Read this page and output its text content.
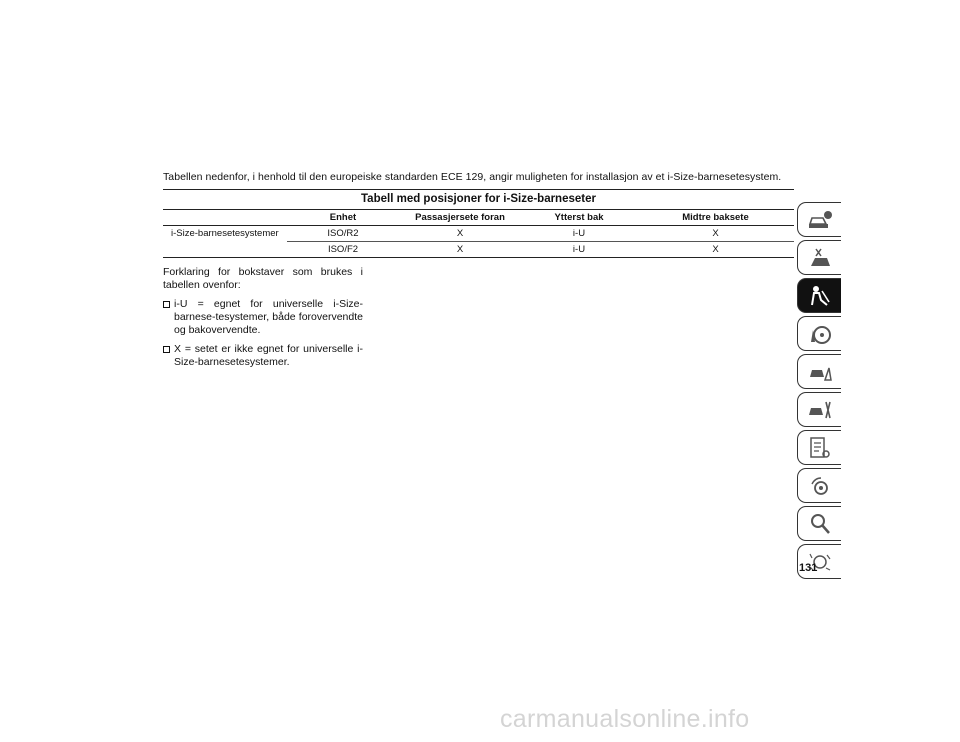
Tabellen nedenfor, i henhold til den europeiske standarden ECE 129, angir muligheten for installasjon av et i-Size-barnesetesystem.
Tabell med posisjoner for i-Size-barneseter
Enhet	Passasjersete foran	Ytterst bak	Midtre baksete
i-Size-barnesetesystemer	ISO/R2	X	i-U	X
ISO/F2	X	i-U	X

Forklaring for bokstaver som brukes i tabellen ovenfor:

i-U = egnet for universelle i-Size-barnese-tesystemer, både forovervendte og bakovervendte.
X = setet er ikke egnet for universelle i-Size-barnesetesystemer.
131
carmanualsonline.info
